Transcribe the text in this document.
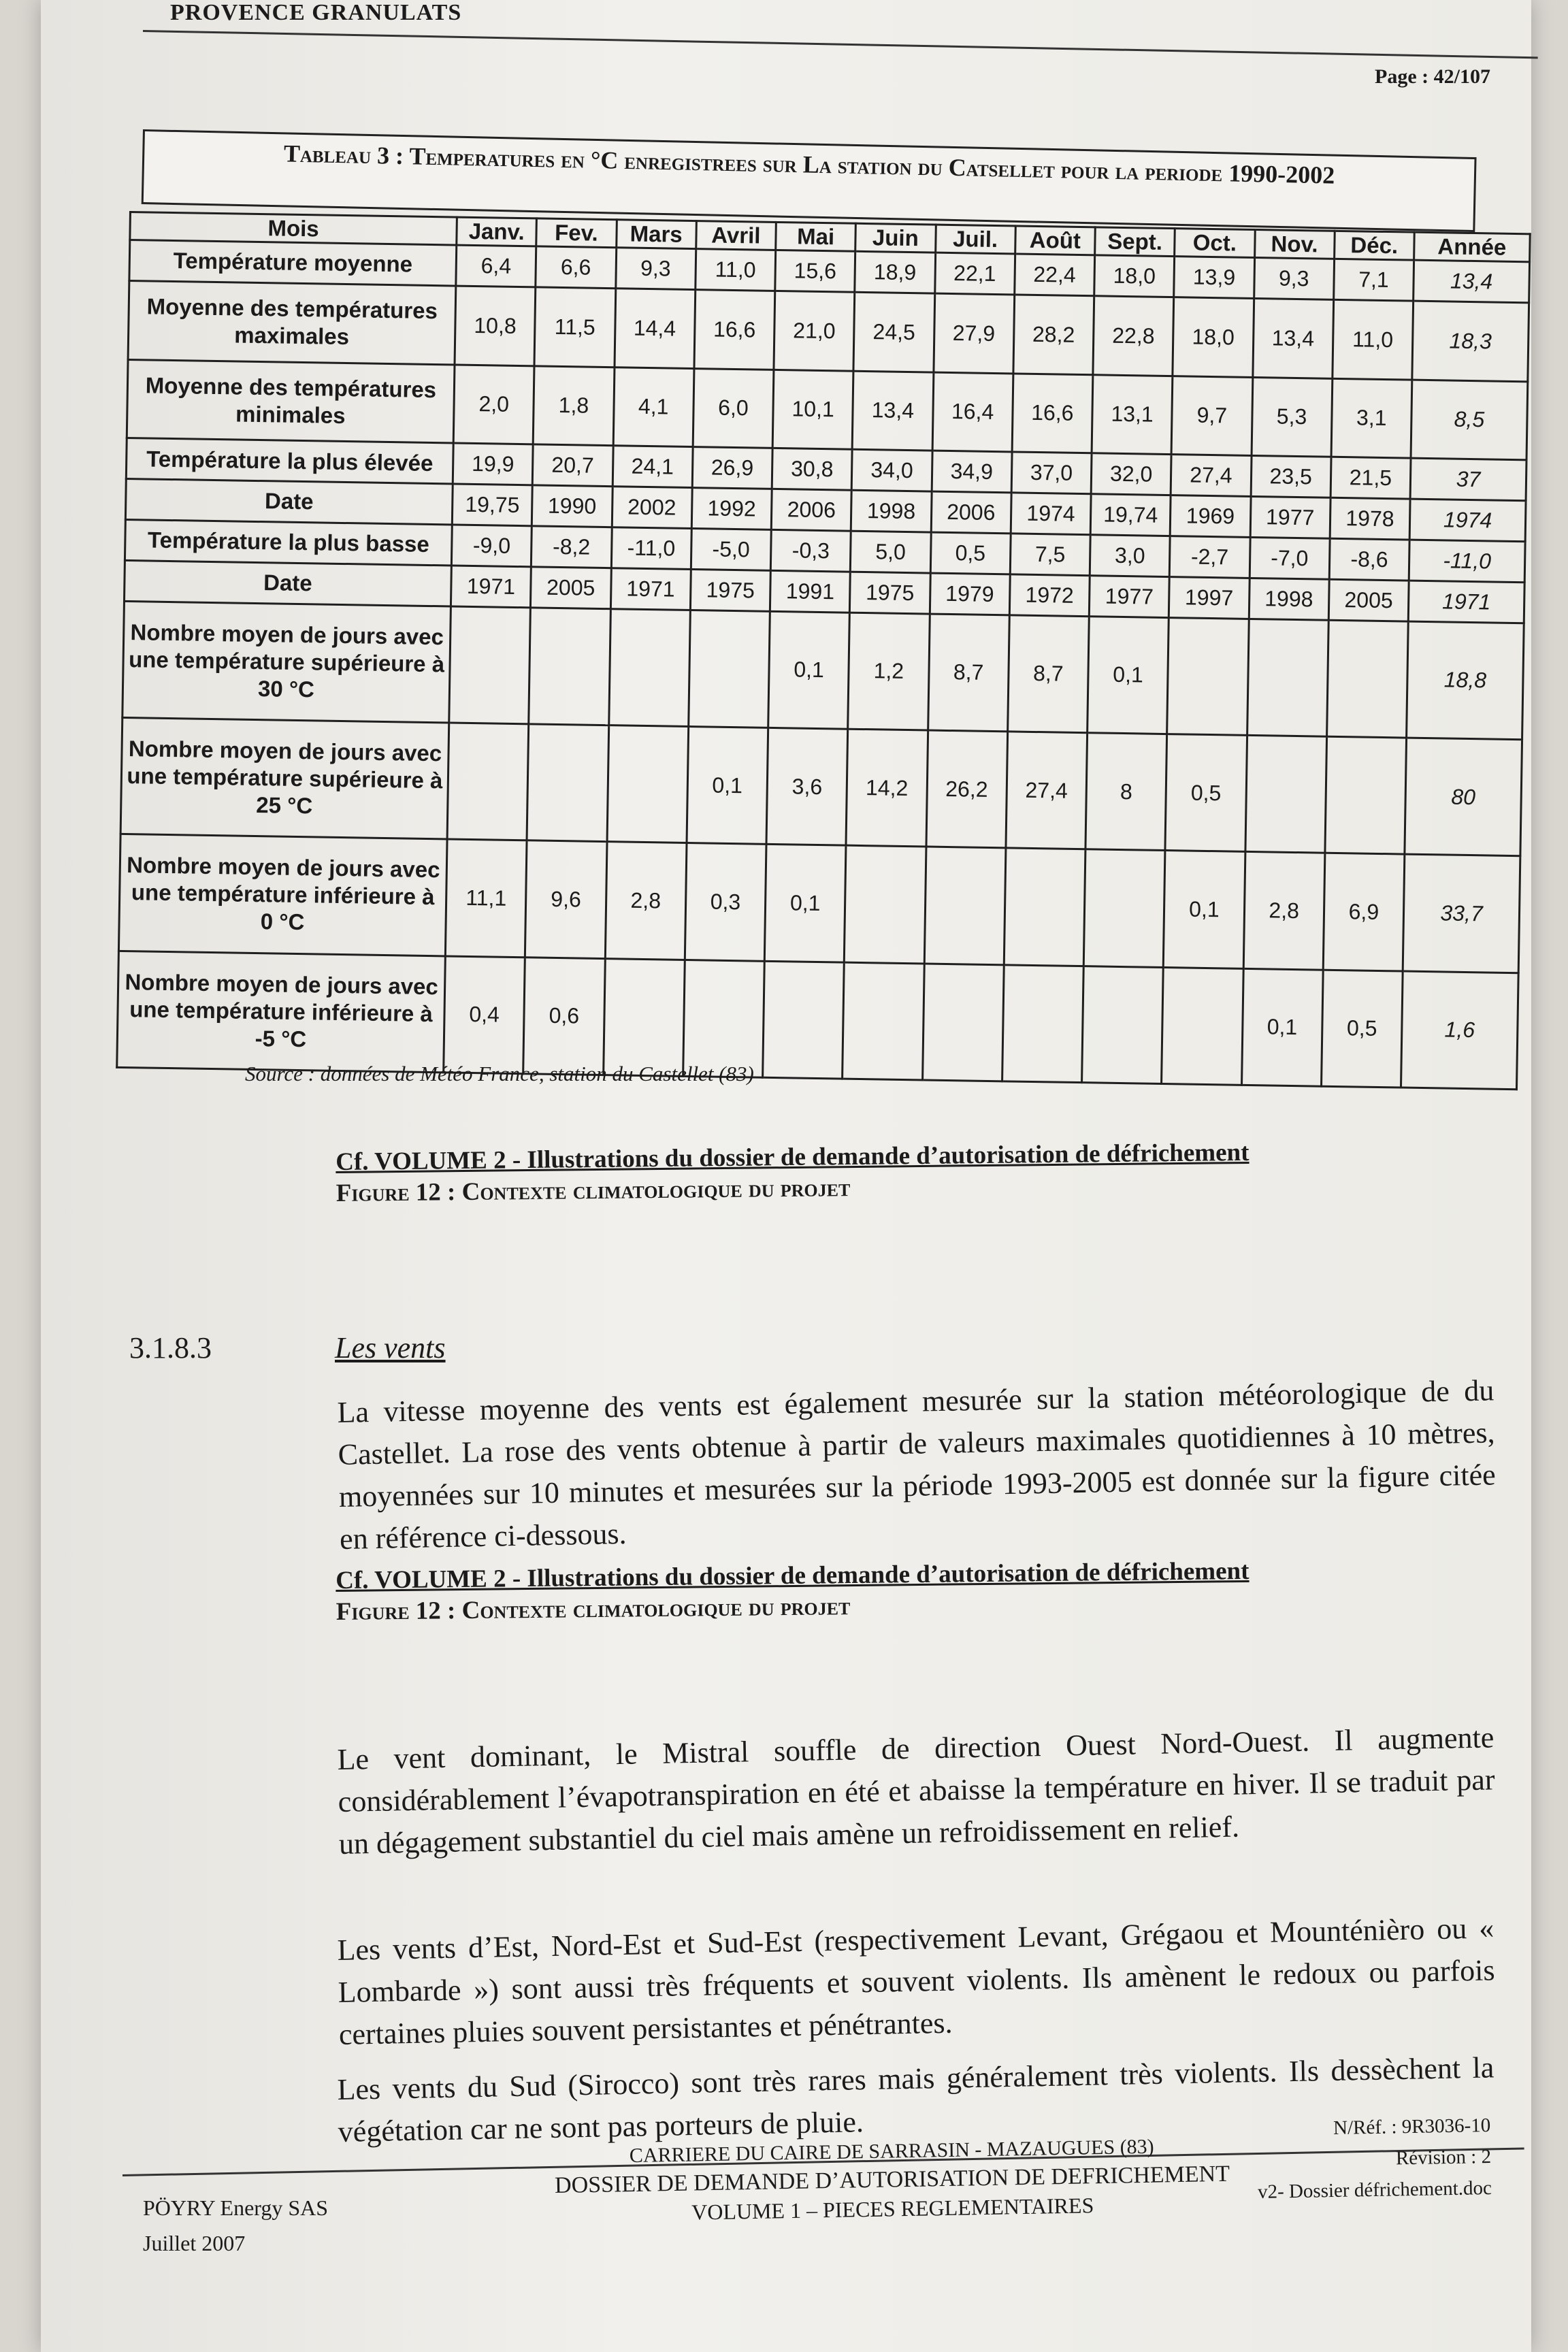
PROVENCE GRANULATS
Page : 42/107
Tableau 3 : Temperatures en °C enregistrees sur La station du Catsellet pour la periode 1990-2002
Mois	Janv.	Fev.	Mars	Avril	Mai	Juin	Juil.	Août	Sept.	Oct.	Nov.	Déc.	Année
Température moyenne	6,4	6,6	9,3	11,0	15,6	18,9	22,1	22,4	18,0	13,9	9,3	7,1	13,4
Moyenne des températures maximales	10,8	11,5	14,4	16,6	21,0	24,5	27,9	28,2	22,8	18,0	13,4	11,0	18,3
Moyenne des températures minimales	2,0	1,8	4,1	6,0	10,1	13,4	16,4	16,6	13,1	9,7	5,3	3,1	8,5
Température la plus élevée	19,9	20,7	24,1	26,9	30,8	34,0	34,9	37,0	32,0	27,4	23,5	21,5	37
Date	19,75	1990	2002	1992	2006	1998	2006	1974	19,74	1969	1977	1978	1974
Température la plus basse	-9,0	-8,2	-11,0	-5,0	-0,3	5,0	0,5	7,5	3,0	-2,7	-7,0	-8,6	-11,0
Date	1971	2005	1971	1975	1991	1975	1979	1972	1977	1997	1998	2005	1971
Nombre moyen de jours avec une température supérieure à 30 °C					0,1	1,2	8,7	8,7	0,1				18,8
Nombre moyen de jours avec une température supérieure à 25 °C				0,1	3,6	14,2	26,2	27,4	8	0,5			80
Nombre moyen de jours avec une température inférieure à 0 °C	11,1	9,6	2,8	0,3	0,1					0,1	2,8	6,9	33,7
Nombre moyen de jours avec une température inférieure à -5 °C	0,4	0,6									0,1	0,5	1,6
Source : données de Météo France, station du Castellet (83)
Cf. VOLUME 2 - Illustrations du dossier de demande d’autorisation de défrichement
Figure 12 : Contexte climatologique du projet
3.1.8.3	Les vents
La vitesse moyenne des vents est également mesurée sur la station météorologique de du Castellet. La rose des vents obtenue à partir de valeurs maximales quotidiennes à 10 mètres, moyennées sur 10 minutes et mesurées sur la période 1993-2005 est donnée sur la figure citée en référence ci-dessous.
Cf. VOLUME 2 - Illustrations du dossier de demande d’autorisation de défrichement
Figure 12 : Contexte climatologique du projet
Le vent dominant, le Mistral souffle de direction Ouest Nord-Ouest. Il augmente considérablement l’évapotranspiration en été et abaisse la température en hiver. Il se traduit par un dégagement substantiel du ciel mais amène un refroidissement en relief.
Les vents d’Est, Nord-Est et Sud-Est (respectivement Levant, Grégaou et Mounténièro ou « Lombarde ») sont aussi très fréquents et souvent violents. Ils amènent le redoux ou parfois certaines pluies souvent persistantes et pénétrantes.
Les vents du Sud (Sirocco) sont très rares mais généralement très violents. Ils dessèchent la végétation car ne sont pas porteurs de pluie.
PÖYRY Energy SAS
Juillet 2007
CARRIERE DU CAIRE DE SARRASIN - MAZAUGUES (83)
DOSSIER DE DEMANDE D’AUTORISATION DE DEFRICHEMENT
VOLUME 1 – PIECES REGLEMENTAIRES
N/Réf. : 9R3036-10
Révision : 2
v2- Dossier défrichement.doc
